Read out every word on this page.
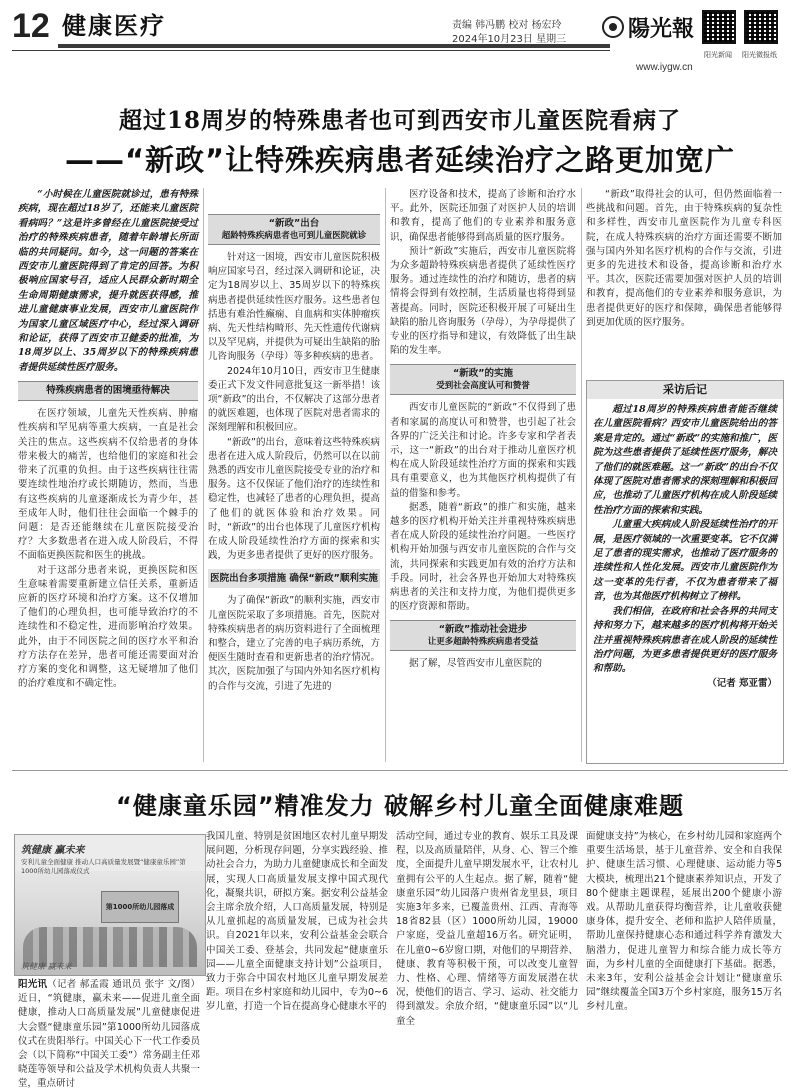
12 健康医疗	责编 韩冯鹏 校对 杨宏玲
2024年10月23日 星期三	陽光報
www.iygw.cn
阳光新闻 阳光微报纸
超过18周岁的特殊患者也可到西安市儿童医院看病了
——“新政”让特殊疾病患者延续治疗之路更加宽广

“小时候在儿童医院就诊过，患有特殊疾病，现在超过18岁了，还能来儿童医院看病吗？”这是许多曾经在儿童医院接受过治疗的特殊疾病患者，随着年龄增长所面临的共同疑问。如今，这一问题的答案在西安市儿童医院得到了肯定的回答。为积极响应国家号召，适应人民群众新时期全生命周期健康需求，提升就医获得感，推进儿童健康事业发展，西安市儿童医院作为国家儿童区域医疗中心，经过深入调研和论证，获得了西安市卫健委的批准，为18周岁以上、35周岁以下的特殊疾病患者提供延续性医疗服务。

特殊疾病患者的困境亟待解决

在医疗领域，儿童先天性疾病、肿瘤性疾病和罕见病等重大疾病，一直是社会关注的焦点。这些疾病不仅给患者的身体带来极大的痛苦，也给他们的家庭和社会带来了沉重的负担。由于这些疾病往往需要连续性地治疗或长期随访，然而，当患有这些疾病的儿童逐渐成长为青少年，甚至成年人时，他们往往会面临一个棘手的问题：是否还能继续在儿童医院接受治疗？大多数患者在进入成人阶段后，不得不面临更换医院和医生的挑战。

对于这部分患者来说，更换医院和医生意味着需要重新建立信任关系，重新适应新的医疗环境和治疗方案。这不仅增加了他们的心理负担，也可能导致治疗的不连续性和不稳定性，进而影响治疗效果。此外，由于不同医院之间的医疗水平和治疗方法存在差异，患者可能还需要面对治疗方案的变化和调整，这无疑增加了他们的治疗难度和不确定性。

“新政”出台
超龄特殊疾病患者也可到儿童医院就诊

针对这一困境，西安市儿童医院积极响应国家号召，经过深入调研和论证，决定为18周岁以上、35周岁以下的特殊疾病患者提供延续性医疗服务。这些患者包括患有难治性癫痫、自血病和实体肿瘤疾病、先天性结构畸形、先天性遗传代谢病以及罕见病，并提供为可疑出生缺陷的胎儿咨询服务（孕母）等多种疾病的患者。

2024年10月10日，西安市卫生健康委正式下发文件同意批复这一新举措！该项“新政”的出台，不仅解决了这部分患者的就医难题，也体现了医院对患者需求的深刻理解和积极回应。

“新政”的出台，意味着这些特殊疾病患者在进入成人阶段后，仍然可以在以前熟悉的西安市儿童医院接受专业的治疗和服务。这不仅保证了他们治疗的连续性和稳定性，也减轻了患者的心理负担，提高了他们的就医体验和治疗效果。同时，“新政”的出台也体现了儿童医疗机构在成人阶段延续性治疗方面的探索和实践，为更多患者提供了更好的医疗服务。

医院出台多项措施 确保“新政”顺利实施

为了确保“新政”的顺利实施，西安市儿童医院采取了多项措施。首先，医院对特殊疾病患者的病历资料进行了全面梳理和整合，建立了完善的电子病历系统，方便医生随时查看和更新患者的治疗情况。其次，医院加强了与国内外知名医疗机构的合作与交流，引进了先进的

医疗设备和技术，提高了诊断和治疗水平。此外，医院还加强了对医护人员的培训和教育，提高了他们的专业素养和服务意识，确保患者能够得到高质量的医疗服务。

预计“新政”实施后，西安市儿童医院将为众多超龄特殊疾病患者提供了延续性医疗服务。通过连续性的治疗和随访，患者的病情将会得到有效控制，生活质量也将得到显著提高。同时，医院还积极开展了可疑出生缺陷的胎儿咨询服务（孕母），为孕母提供了专业的医疗指导和建议，有效降低了出生缺陷的发生率。

“新政”的实施
受到社会高度认可和赞誉

西安市儿童医院的“新政”不仅得到了患者和家属的高度认可和赞誉，也引起了社会各界的广泛关注和讨论。许多专家和学者表示，这一“新政”的出台对于推动儿童医疗机构在成人阶段延续性治疗方面的探索和实践具有重要意义，也为其他医疗机构提供了有益的借鉴和参考。

据悉，随着“新政”的推广和实施，越来越多的医疗机构开始关注并重视特殊疾病患者在成人阶段的延续性治疗问题。一些医疗机构开始加强与西安市儿童医院的合作与交流，共同探索和实践更加有效的治疗方法和手段。同时，社会各界也开始加大对特殊疾病患者的关注和支持力度，为他们提供更多的医疗资源和帮助。

“新政”推动社会进步
让更多超龄特殊疾病患者受益

据了解，尽管西安市儿童医院的

“新政”取得社会的认可，但仍然面临着一些挑战和问题。首先，由于特殊疾病的复杂性和多样性，西安市儿童医院作为儿童专科医院，在成人特殊疾病的治疗方面还需要不断加强与国内外知名医疗机构的合作与交流，引进更多的先进技术和设备，提高诊断和治疗水平。其次，医院还需要加强对医护人员的培训和教育，提高他们的专业素养和服务意识，为患者提供更好的医疗和保障，确保患者能够得到更加优质的医疗服务。

采访后记

超过18周岁的特殊疾病患者能否继续在儿童医院看病？西安市儿童医院给出的答案是肯定的。通过“新政”的实施和推广，医院为这些患者提供了延续性医疗服务，解决了他们的就医难题。这一“新政”的出台不仅体现了医院对患者需求的深刻理解和积极回应，也推动了儿童医疗机构在成人阶段延续性治疗方面的探索和实践。

儿童重大疾病成人阶段延续性治疗的开展，是医疗领域的一次重要变革。它不仅满足了患者的现实需求，也推动了医疗服务的连续性和人性化发展。西安市儿童医院作为这一变革的先行者，不仅为患者带来了福音，也为其他医疗机构树立了榜样。

我们相信，在政府和社会各界的共同支持和努力下，越来越多的医疗机构将开始关注并重视特殊疾病患者在成人阶段的延续性治疗问题，为更多患者提供更好的医疗服务和帮助。

（记者 郑亚雷）

“健康童乐园”精准发力 破解乡村儿童全面健康难题
筑健康 赢未来
安利儿童全面健康 推动人口高质量发展暨“健康童乐园”第1000所幼儿园落成仪式
第1000所幼儿园落成
筑健康 赢未来

阳光讯（记者 郝孟霞 通讯员 张宇 文/图）近日，“筑健康，赢未来——促进儿童全面健康，推动人口高质量发展”儿童健康促进大会暨“健康童乐园”第1000所幼儿园落成仪式在贵阳举行。中国关心下一代工作委员会（以下简称“中国关工委”）常务副主任邓晓莲等领导和公益及学术机构负责人共聚一堂，重点研讨

我国儿童、特别是贫困地区农村儿童早期发展问题，分析现存问题，分享实践经验、推动社会合力，为助力儿童健康成长和全面发展，实现人口高质量发展支撑中国式现代化，凝聚共识，研拟方案。据安利公益基金会主席余放介绍，人口高质量发展，特别是从儿童抓起的高质量发展，已成为社会共识。自2021年以来，安利公益基金会联合中国关工委、登基会，共同发起“健康童乐园——儿童全面健康支持计划”公益项目，致力于弥合中国农村地区儿童早期发展差距。项目在乡村家庭和幼儿园中，专为0~6岁儿童，打造一个旨在提高身心健康水平的

活动空间，通过专业的教育、娱乐工具及课程，以及高质量陪伴，从身、心、智三个维度，全面提升儿童早期发展水平，让农村儿童拥有公平的人生起点。据了解，随着“健康童乐园”幼儿园落户贵州省龙里县，项目实施3年多来，已覆盖贵州、江西、青海等18省82县（区）1000所幼儿园，19000户家庭，受益儿童超16万名。研究证明，在儿童0~6岁窗口期，对他们的早期营养、健康、教育等积极干预，可以改变儿童智力、性格、心理、情绪等方面发展潜在状况，使他们的语言、学习、运动、社交能力得到激发。余放介绍，“健康童乐园”以“儿童全

面健康支持”为核心，在乡村幼儿园和家庭两个重要生活场景，基于儿童营养、安全和自我保护、健康生活习惯、心理健康、运动能力等5大模块，梳理出21个健康素养知识点，开发了80个健康主题课程，延展出200个健康小游戏。从帮助儿童获得均衡营养，让儿童收获健康身体，提升安全、老师和监护人陪伴质量，帮助儿童保持健康心态和通过科学养育激发大脑潜力，促进儿童智力和综合能力成长等方面，为乡村儿童的全面健康打下基础。据悉，未来3年，安利公益基金会计划让“健康童乐园”继续覆盖全国3万个乡村家庭，服务15万名乡村儿童。
